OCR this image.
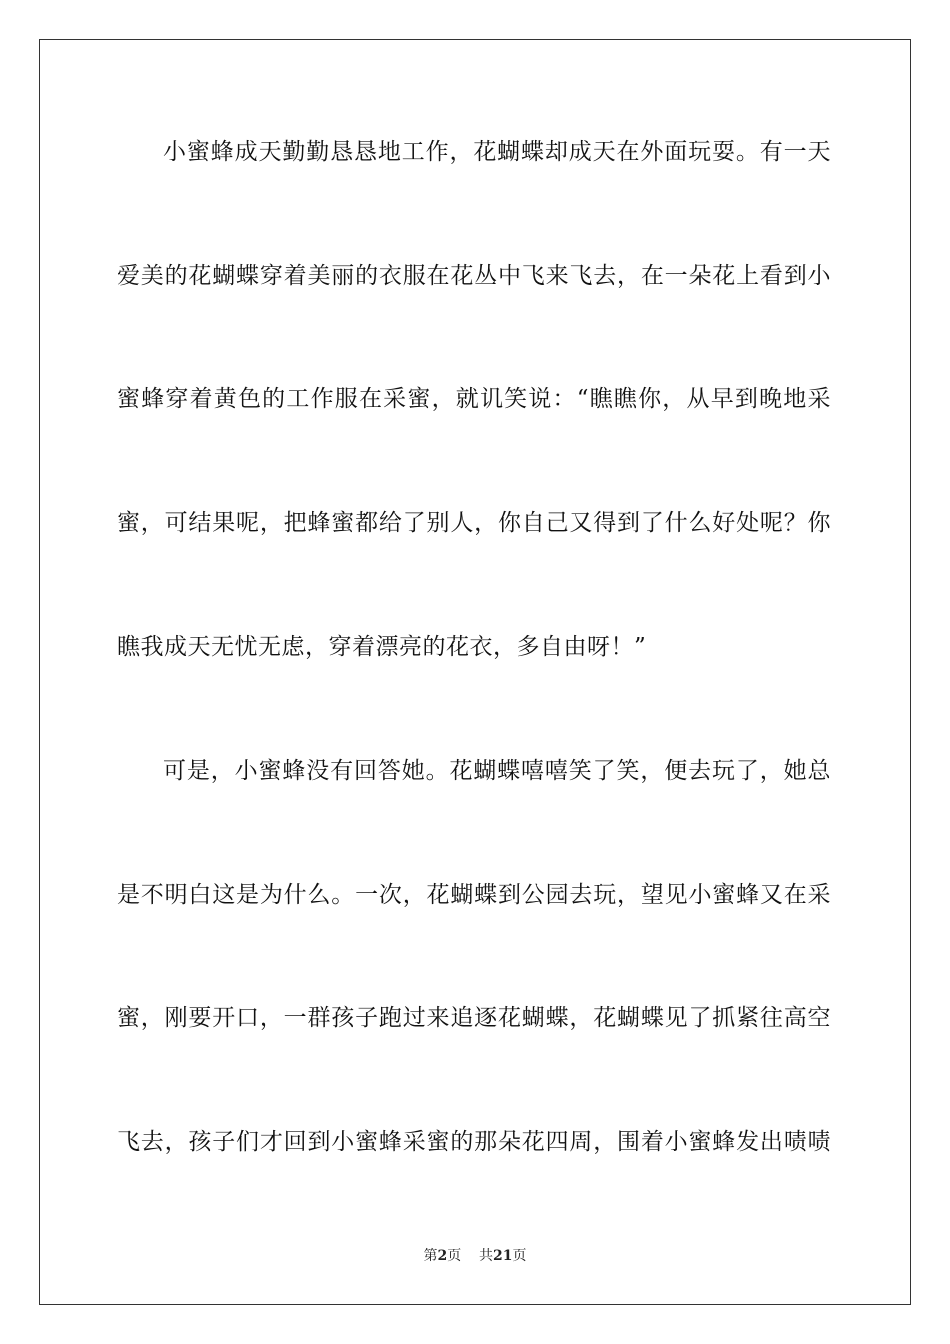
小蜜蜂成天勤勤恳恳地工作，花蝴蝶却成天在外面玩耍。有一天
爱美的花蝴蝶穿着美丽的衣服在花丛中飞来飞去，在一朵花上看到小
蜜蜂穿着黄色的工作服在采蜜，就讥笑说：“瞧瞧你，从早到晚地采
蜜，可结果呢，把蜂蜜都给了别人，你自己又得到了什么好处呢？你
瞧我成天无忧无虑，穿着漂亮的花衣，多自由呀！”
可是，小蜜蜂没有回答她。花蝴蝶嘻嘻笑了笑，便去玩了，她总
是不明白这是为什么。一次，花蝴蝶到公园去玩，望见小蜜蜂又在采
蜜，刚要开口，一群孩子跑过来追逐花蝴蝶，花蝴蝶见了抓紧往高空
飞去，孩子们才回到小蜜蜂采蜜的那朵花四周，围着小蜜蜂发出啧啧
第2页 共21页
